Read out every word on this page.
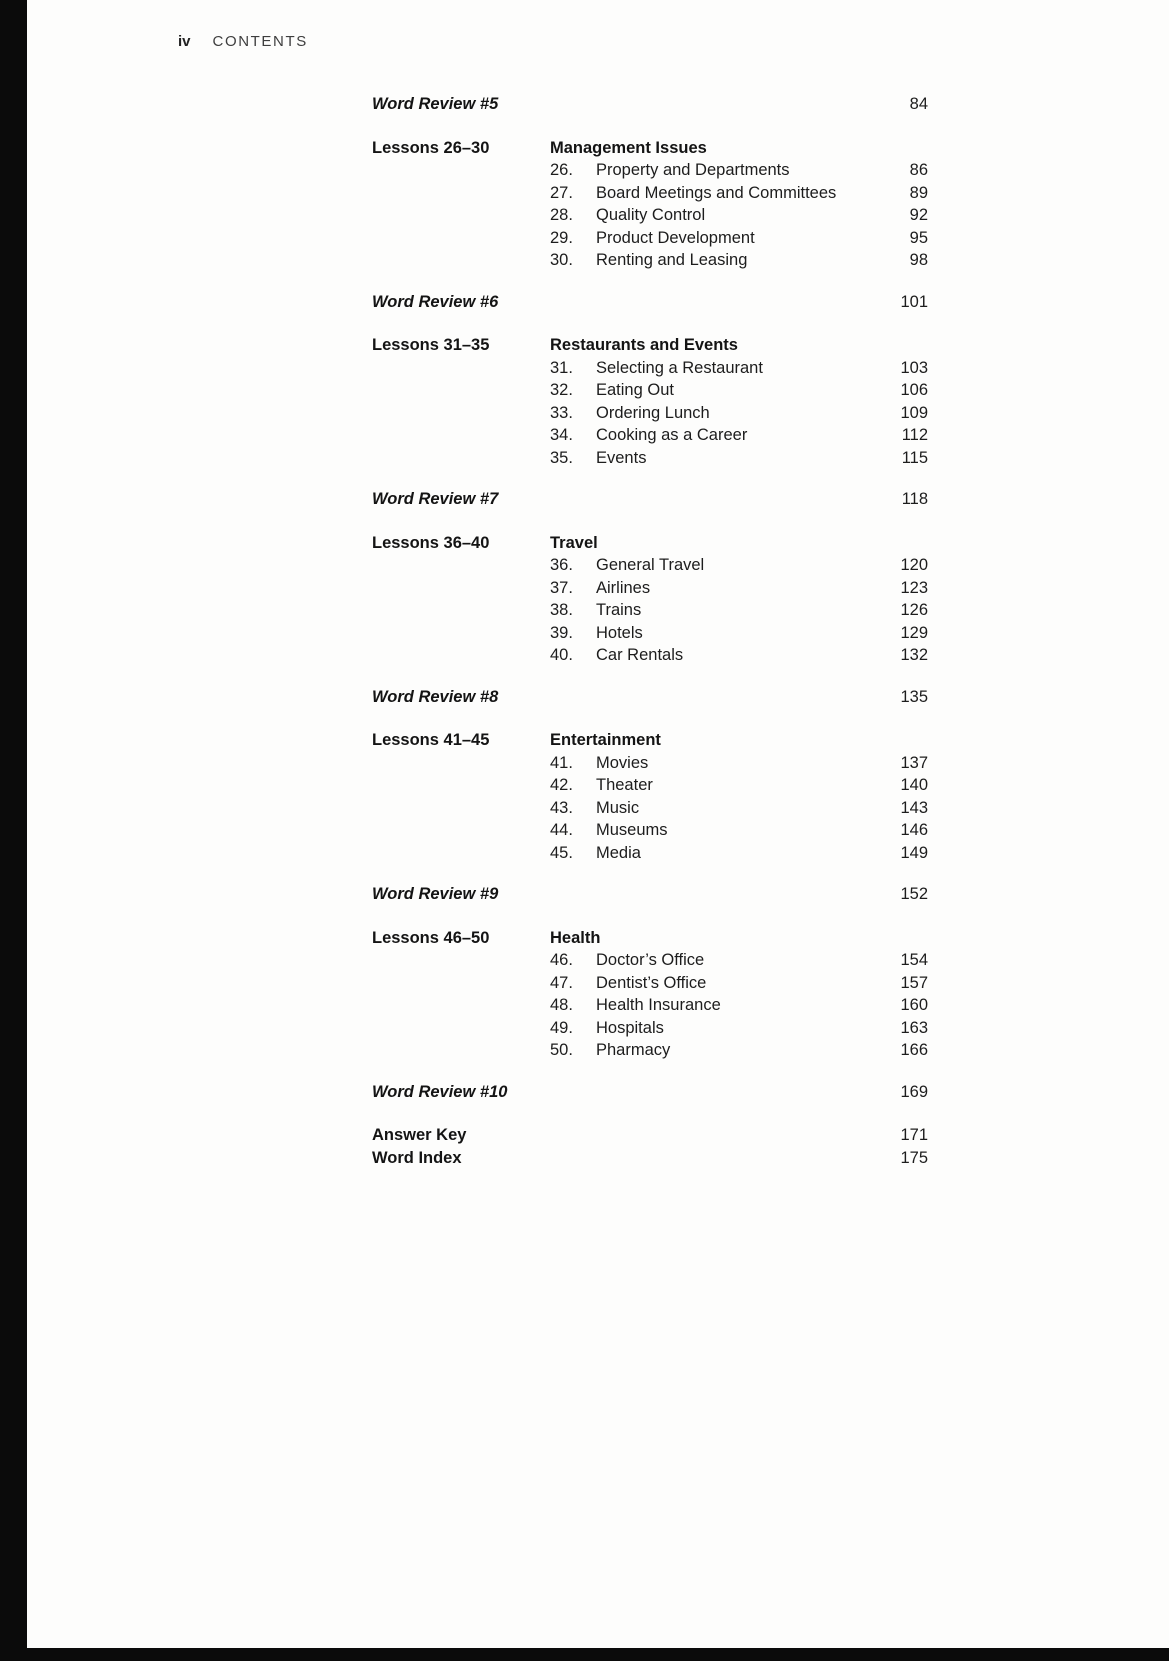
iv CONTENTS
Word Review #5	84
Lessons 26–30	Management Issues
26. Property and Departments	86
27. Board Meetings and Committees	89
28. Quality Control	92
29. Product Development	95
30. Renting and Leasing	98
Word Review #6	101
Lessons 31–35	Restaurants and Events
31. Selecting a Restaurant	103
32. Eating Out	106
33. Ordering Lunch	109
34. Cooking as a Career	112
35. Events	115
Word Review #7	118
Lessons 36–40	Travel
36. General Travel	120
37. Airlines	123
38. Trains	126
39. Hotels	129
40. Car Rentals	132
Word Review #8	135
Lessons 41–45	Entertainment
41. Movies	137
42. Theater	140
43. Music	143
44. Museums	146
45. Media	149
Word Review #9	152
Lessons 46–50	Health
46. Doctor’s Office	154
47. Dentist’s Office	157
48. Health Insurance	160
49. Hospitals	163
50. Pharmacy	166
Word Review #10	169
Answer Key	171
Word Index	175
